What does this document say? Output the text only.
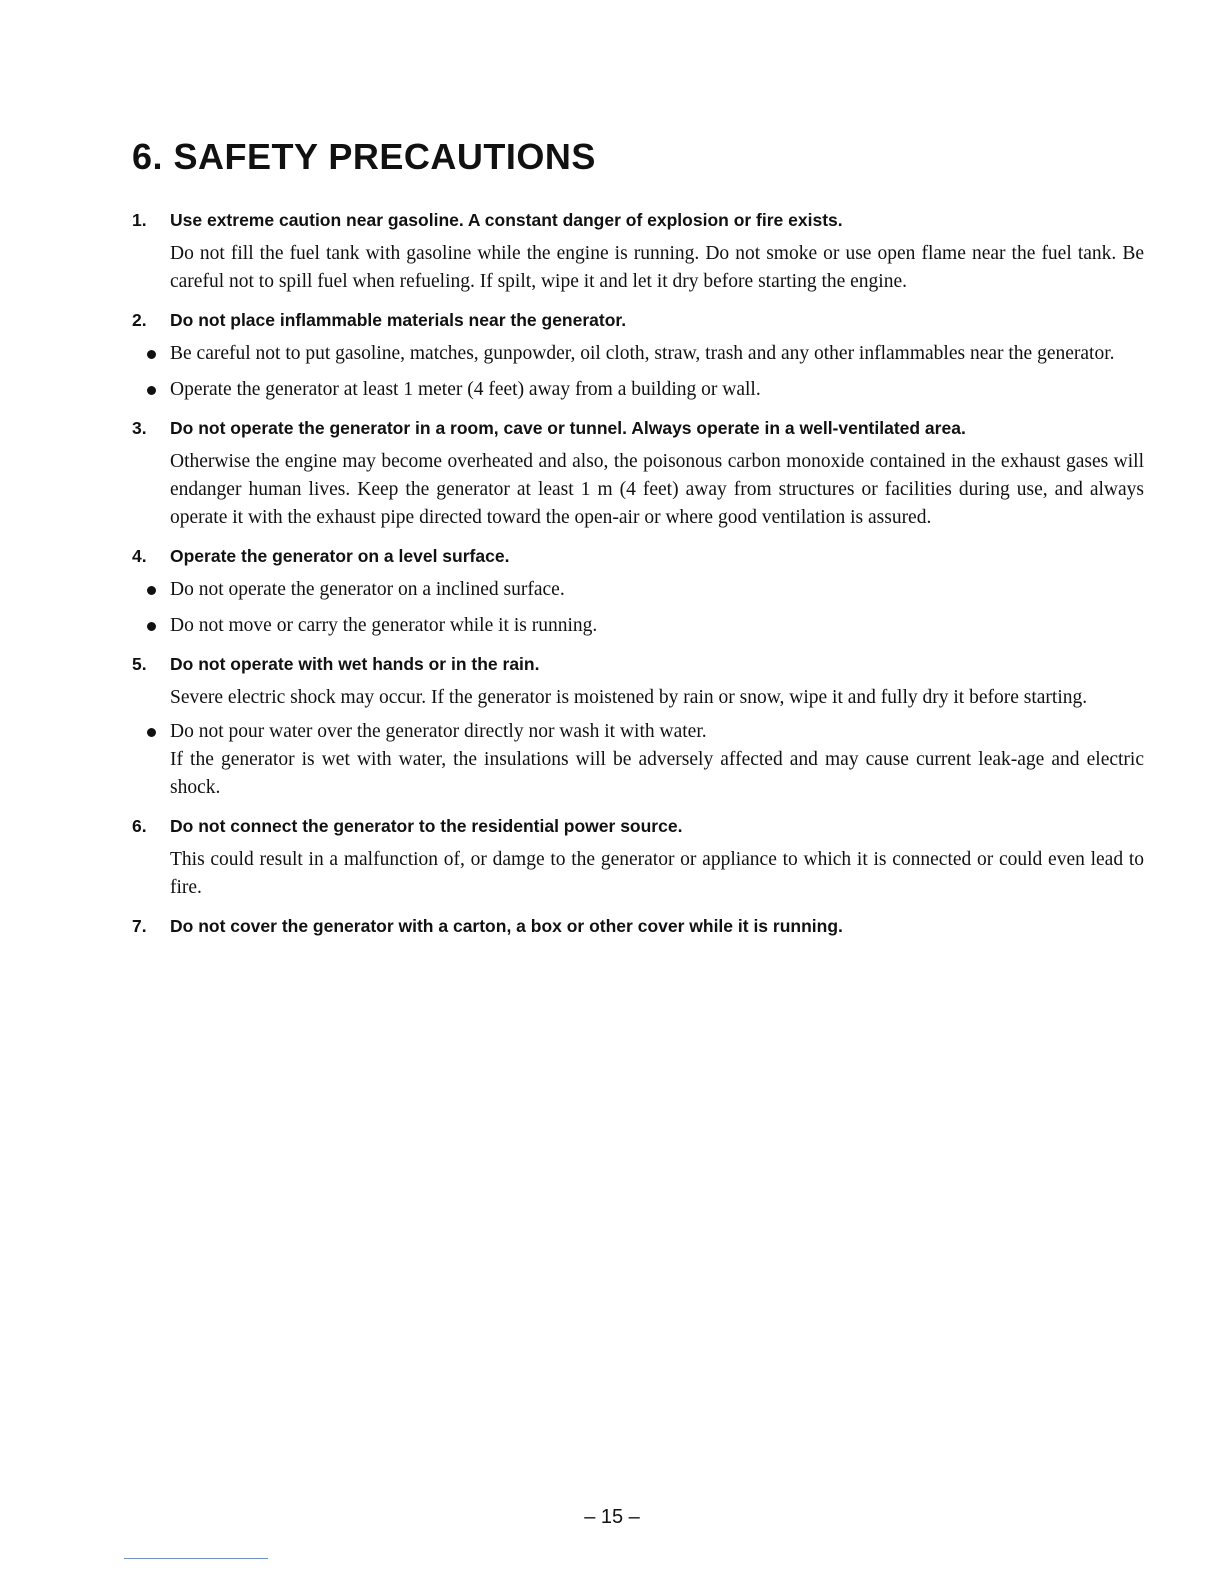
6. SAFETY PRECAUTIONS
1.	Use extreme caution near gasoline. A constant danger of explosion or fire exists.

Do not fill the fuel tank with gasoline while the engine is running. Do not smoke or use open flame near the fuel tank. Be careful not to spill fuel when refueling. If spilt, wipe it and let it dry before starting the engine.

2.	Do not place inflammable materials near the generator.
Be careful not to put gasoline, matches, gunpowder, oil cloth, straw, trash and any other inflammables near the generator.
Operate the generator at least 1 meter (4 feet) away from a building or wall.
3.	Do not operate the generator in a room, cave or tunnel. Always operate in a well-ventilated area.

Otherwise the engine may become overheated and also, the poisonous carbon monoxide contained in the exhaust gases will endanger human lives. Keep the generator at least 1 m (4 feet) away from structures or facilities during use, and always operate it with the exhaust pipe directed toward the open-air or where good ventilation is assured.

4.	Operate the generator on a level surface.
Do not operate the generator on a inclined surface.
Do not move or carry the generator while it is running.
5.	Do not operate with wet hands or in the rain.

Severe electric shock may occur. If the generator is moistened by rain or snow, wipe it and fully dry it before starting.

Do not pour water over the generator directly nor wash it with water.

If the generator is wet with water, the insulations will be adversely affected and may cause current leak-age and electric shock.

6.	Do not connect the generator to the residential power source.

This could result in a malfunction of, or damge to the generator or appliance to which it is connected or could even lead to fire.

7.	Do not cover the generator with a carton, a box or other cover while it is running.
– 15 –
